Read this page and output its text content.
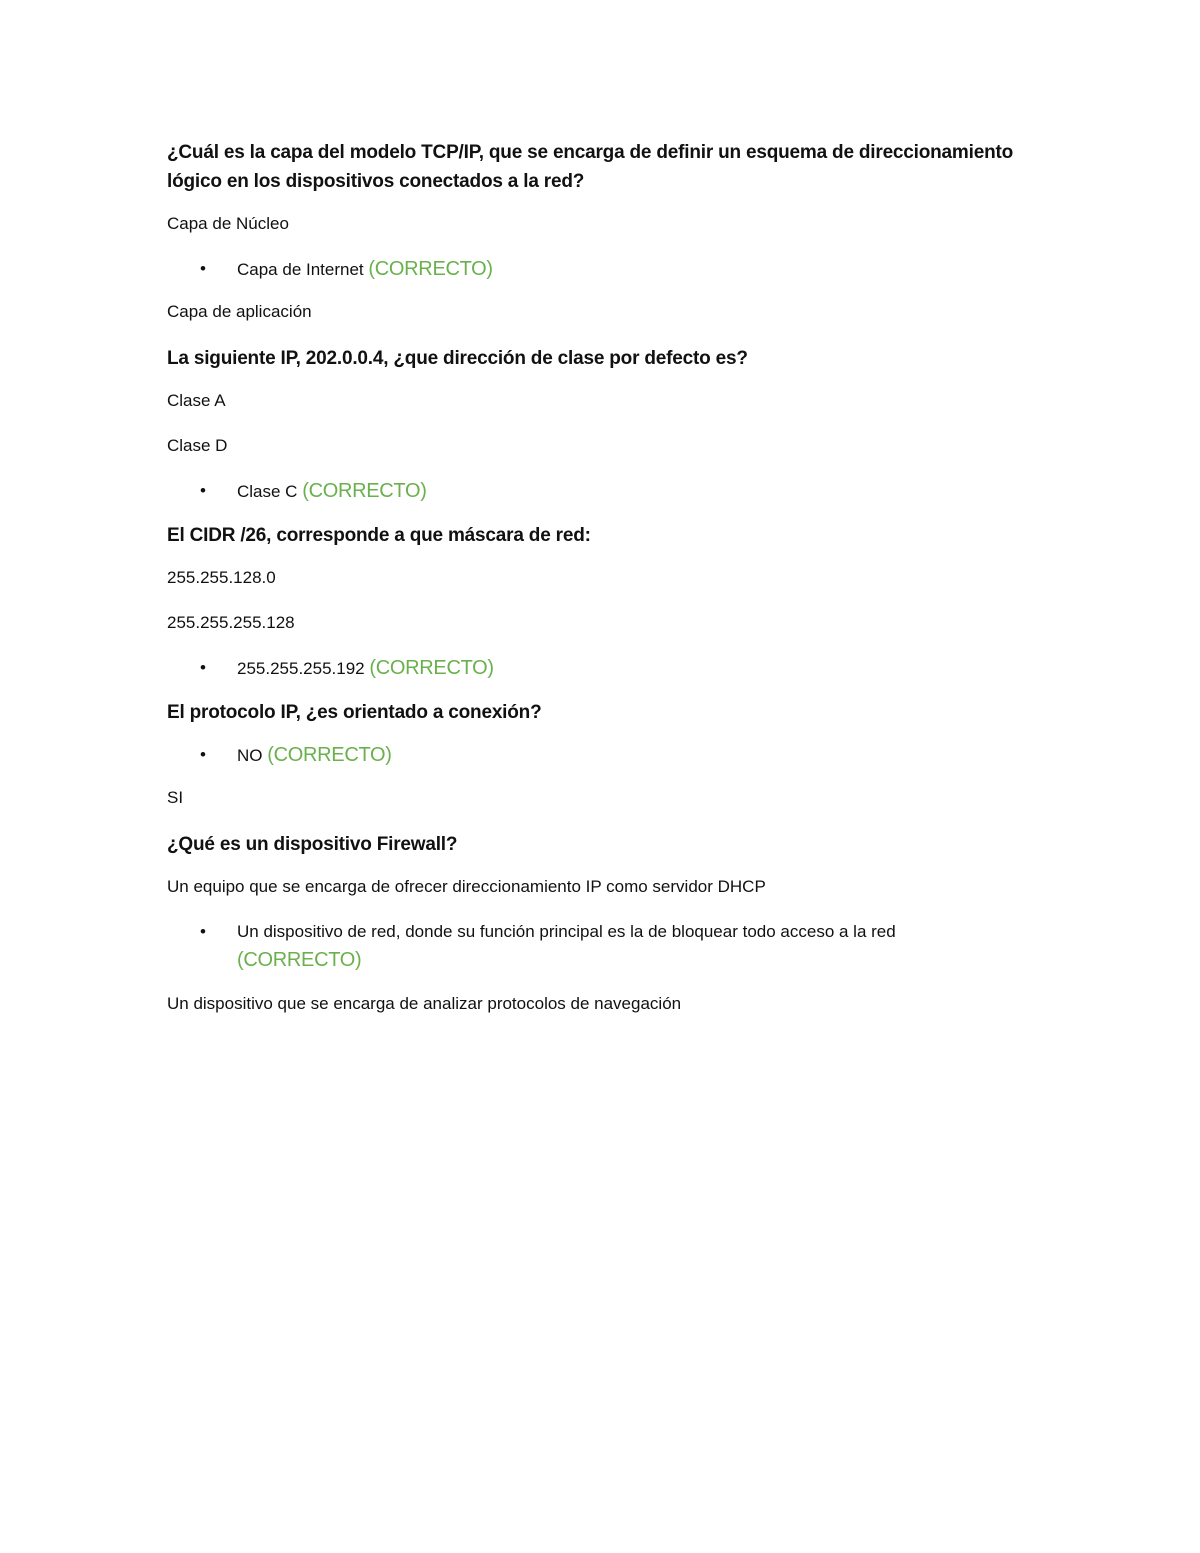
¿Cuál es la capa del modelo TCP/IP, que se encarga de definir un esquema de direccionamiento lógico en los dispositivos conectados a la red?
Capa de Núcleo
• Capa de Internet (CORRECTO)
Capa de aplicación
La siguiente IP, 202.0.0.4, ¿que dirección de clase por defecto es?
Clase A
Clase D
• Clase C (CORRECTO)
El CIDR /26, corresponde a que máscara de red:
255.255.128.0
255.255.255.128
• 255.255.255.192 (CORRECTO)
El protocolo IP, ¿es orientado a conexión?
• NO (CORRECTO)
SI
¿Qué es un dispositivo Firewall?
Un equipo que se encarga de ofrecer direccionamiento IP como servidor DHCP
• Un dispositivo de red, donde su función principal es la de bloquear todo acceso a la red
(CORRECTO)
Un dispositivo que se encarga de analizar protocolos de navegación
